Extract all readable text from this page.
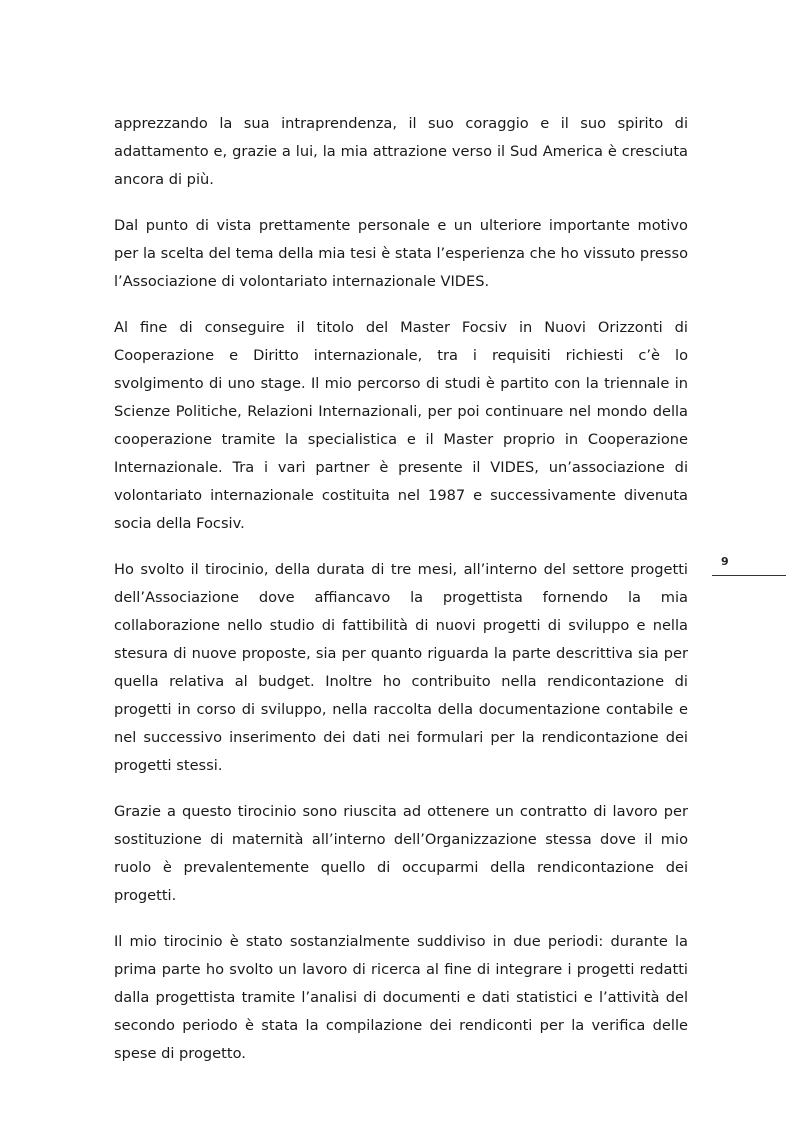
apprezzando la sua intraprendenza, il suo coraggio e il suo spirito di adattamento e, grazie a lui, la mia attrazione verso il Sud America è cresciuta ancora di più.

Dal punto di vista prettamente personale e un ulteriore importante motivo per la scelta del tema della mia tesi è stata l’esperienza che ho vissuto presso l’Associazione di volontariato internazionale VIDES.

Al fine di conseguire il titolo del Master Focsiv in Nuovi Orizzonti di Cooperazione e Diritto internazionale, tra i requisiti richiesti c’è lo svolgimento di uno stage. Il mio percorso di studi è partito con la triennale in Scienze Politiche, Relazioni Internazionali, per poi continuare nel mondo della cooperazione tramite la specialistica e il Master proprio in Cooperazione Internazionale. Tra i vari partner è presente il VIDES, un’associazione di volontariato internazionale costituita nel 1987 e successivamente divenuta socia della Focsiv.

Ho svolto il tirocinio, della durata di tre mesi, all’interno del settore progetti dell’Associazione dove affiancavo la progettista fornendo la mia collaborazione nello studio di fattibilità di nuovi progetti di sviluppo e nella stesura di nuove proposte, sia per quanto riguarda la parte descrittiva sia per quella relativa al budget. Inoltre ho contribuito nella rendicontazione di progetti in corso di sviluppo, nella raccolta della documentazione contabile e nel successivo inserimento dei dati nei formulari per la rendicontazione dei progetti stessi.

Grazie a questo tirocinio sono riuscita ad ottenere un contratto di lavoro per sostituzione di maternità all’interno dell’Organizzazione stessa dove il mio ruolo è prevalentemente quello di occuparmi della rendicontazione dei progetti.

Il mio tirocinio è stato sostanzialmente suddiviso in due periodi: durante la prima parte ho svolto un lavoro di ricerca al fine di integrare i progetti redatti dalla progettista tramite l’analisi di documenti e dati statistici e l’attività del secondo periodo è stata la compilazione dei rendiconti per la verifica delle spese di progetto.

9
